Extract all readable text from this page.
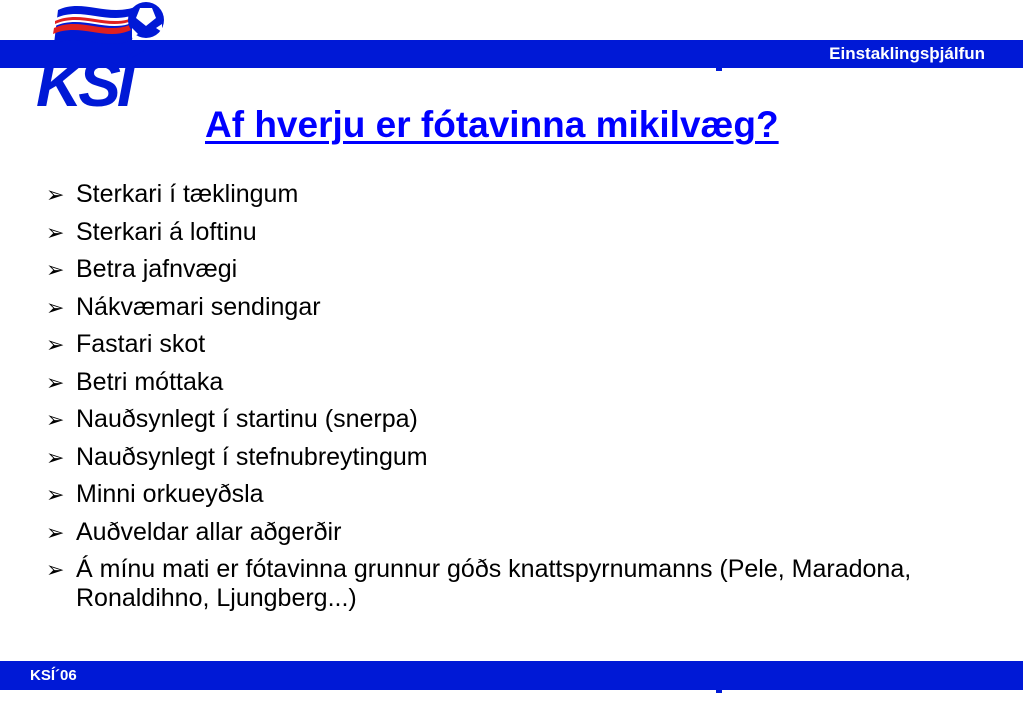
Einstaklingsþjálfun
KSÍ
Af hverju er fótavinna mikilvæg?
➢ Sterkari í tæklingum
➢ Sterkari á loftinu
➢ Betra jafnvægi
➢ Nákvæmari sendingar
➢ Fastari skot
➢ Betri móttaka
➢ Nauðsynlegt í startinu (snerpa)
➢ Nauðsynlegt í stefnubreytingum
➢ Minni orkueyðsla
➢ Auðveldar allar aðgerðir
➢ Á mínu mati er fótavinna grunnur góðs knattspyrnumanns (Pele, Maradona, Ronaldihno, Ljungberg...)
KSÍ´06
